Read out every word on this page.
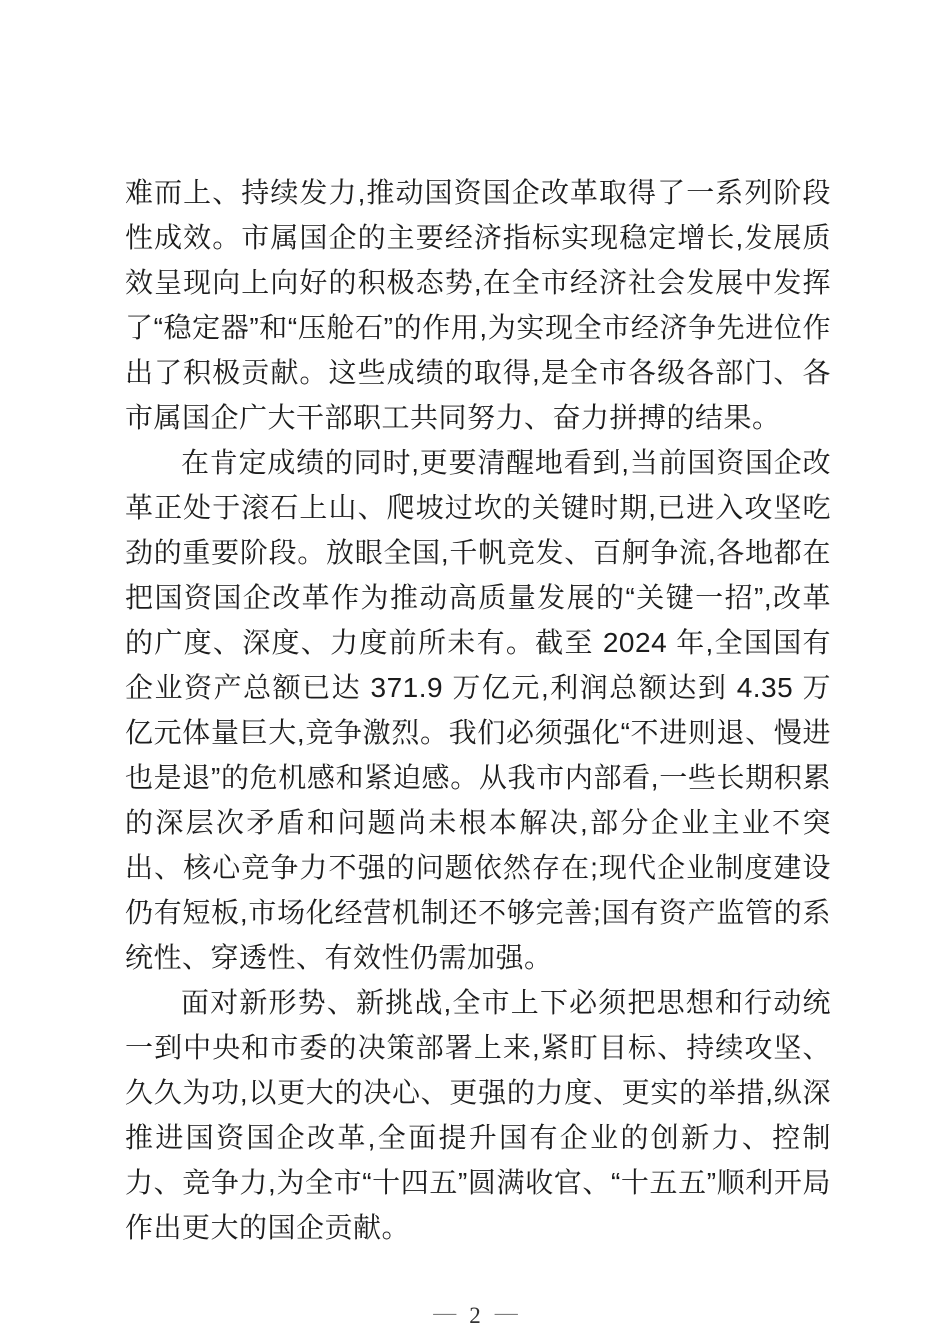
难而上、持续发力,推动国资国企改革取得了一系列阶段性成效。市属国企的主要经济指标实现稳定增长,发展质效呈现向上向好的积极态势,在全市经济社会发展中发挥了“稳定器”和“压舱石”的作用,为实现全市经济争先进位作出了积极贡献。这些成绩的取得,是全市各级各部门、各市属国企广大干部职工共同努力、奋力拼搏的结果。

在肯定成绩的同时,更要清醒地看到,当前国资国企改革正处于滚石上山、爬坡过坎的关键时期,已进入攻坚吃劲的重要阶段。放眼全国,千帆竞发、百舸争流,各地都在把国资国企改革作为推动高质量发展的“关键一招”,改革的广度、深度、力度前所未有。截至 2024 年,全国国有企业资产总额已达 371.9 万亿元,利润总额达到 4.35 万亿元体量巨大,竞争激烈。我们必须强化“不进则退、慢进也是退”的危机感和紧迫感。从我市内部看,一些长期积累的深层次矛盾和问题尚未根本解决,部分企业主业不突出、核心竞争力不强的问题依然存在;现代企业制度建设仍有短板,市场化经营机制还不够完善;国有资产监管的系统性、穿透性、有效性仍需加强。

面对新形势、新挑战,全市上下必须把思想和行动统一到中央和市委的决策部署上来,紧盯目标、持续攻坚、久久为功,以更大的决心、更强的力度、更实的举措,纵深推进国资国企改革,全面提升国有企业的创新力、控制力、竞争力,为全市“十四五”圆满收官、“十五五”顺利开局作出更大的国企贡献。

— 2 —
